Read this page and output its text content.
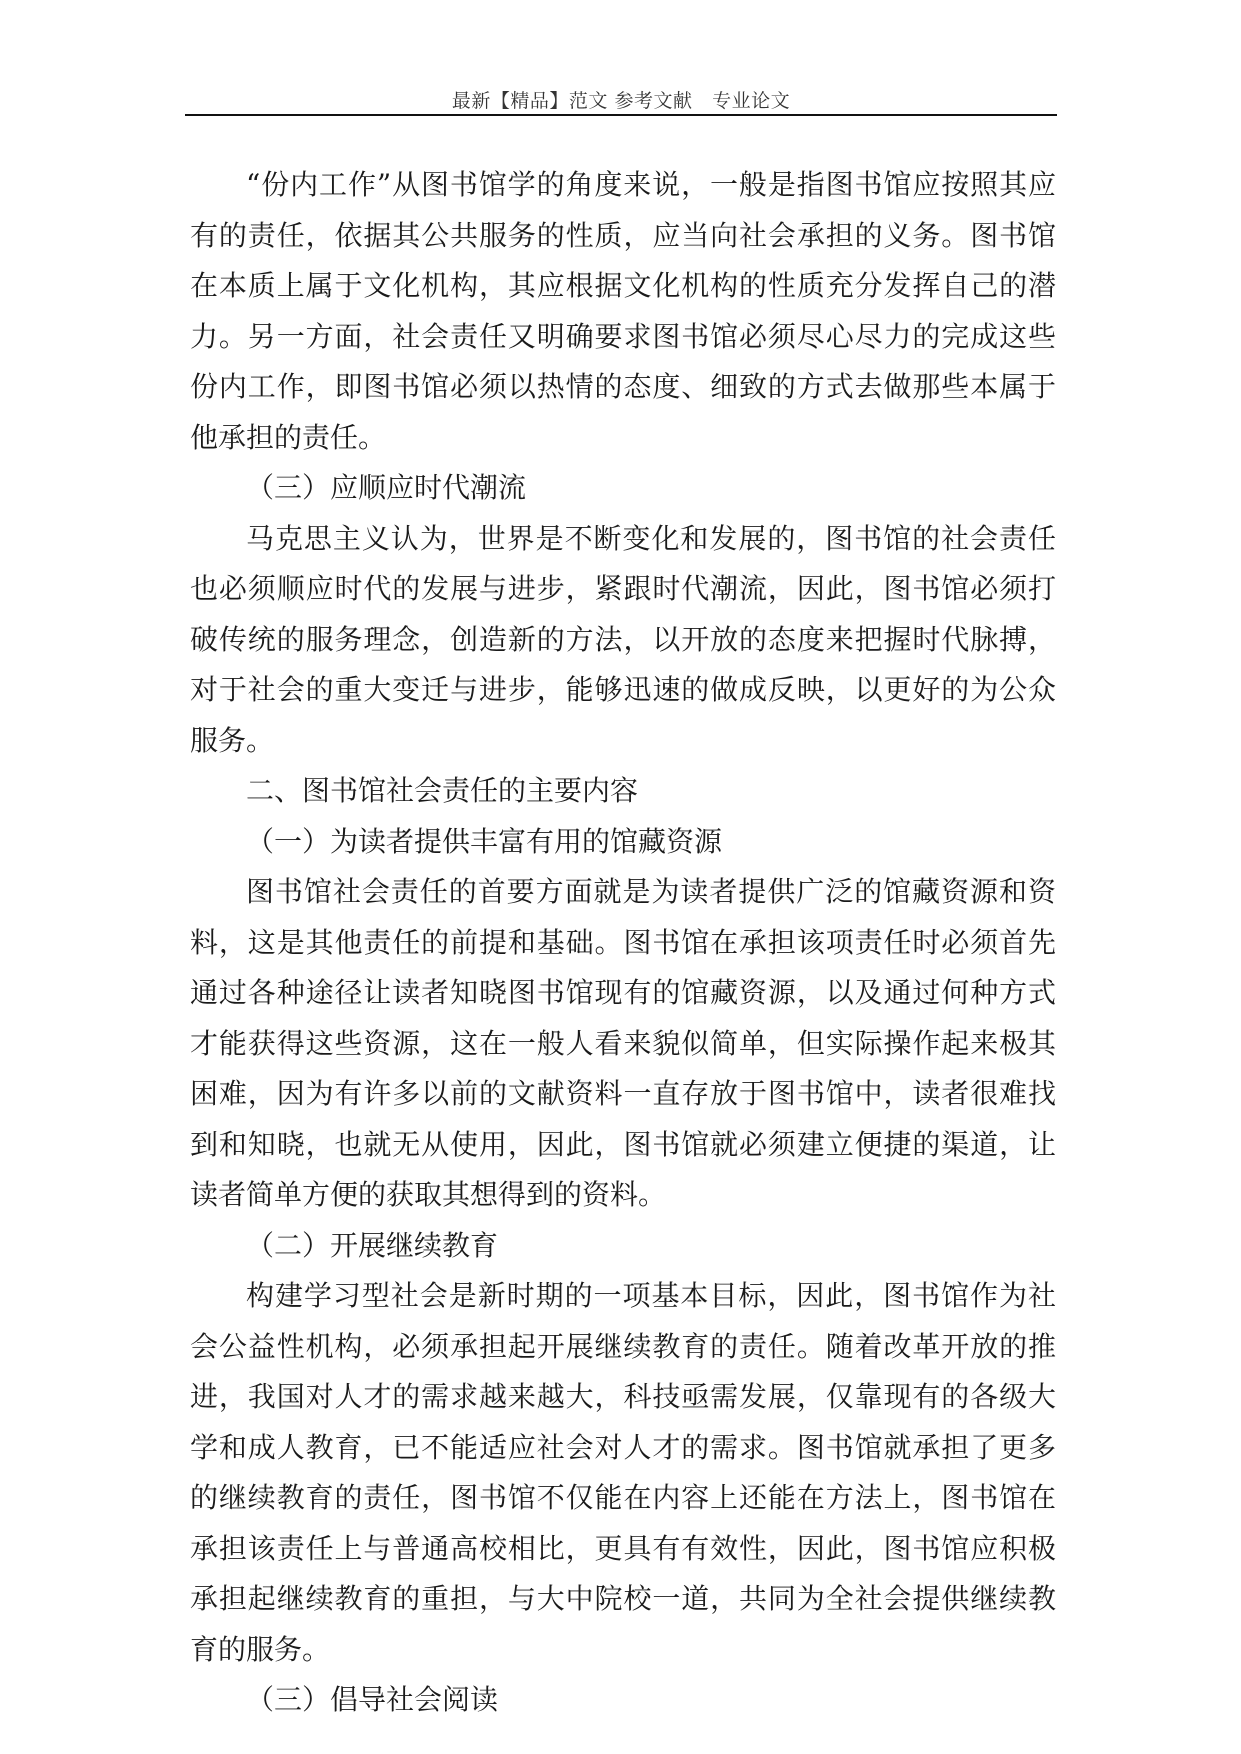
最新【精品】范文 参考文献   专业论文

“份内工作”从图书馆学的角度来说，一般是指图书馆应按照其应有的责任，依据其公共服务的性质，应当向社会承担的义务。图书馆在本质上属于文化机构，其应根据文化机构的性质充分发挥自己的潜力。另一方面，社会责任又明确要求图书馆必须尽心尽力的完成这些份内工作，即图书馆必须以热情的态度、细致的方式去做那些本属于他承担的责任。

（三）应顺应时代潮流

马克思主义认为，世界是不断变化和发展的，图书馆的社会责任也必须顺应时代的发展与进步，紧跟时代潮流，因此，图书馆必须打破传统的服务理念，创造新的方法，以开放的态度来把握时代脉搏，对于社会的重大变迁与进步，能够迅速的做成反映，以更好的为公众服务。

二、图书馆社会责任的主要内容

（一）为读者提供丰富有用的馆藏资源

图书馆社会责任的首要方面就是为读者提供广泛的馆藏资源和资料，这是其他责任的前提和基础。图书馆在承担该项责任时必须首先通过各种途径让读者知晓图书馆现有的馆藏资源，以及通过何种方式才能获得这些资源，这在一般人看来貌似简单，但实际操作起来极其困难，因为有许多以前的文献资料一直存放于图书馆中，读者很难找到和知晓，也就无从使用，因此，图书馆就必须建立便捷的渠道，让读者简单方便的获取其想得到的资料。

（二）开展继续教育

构建学习型社会是新时期的一项基本目标，因此，图书馆作为社会公益性机构，必须承担起开展继续教育的责任。随着改革开放的推进，我国对人才的需求越来越大，科技亟需发展，仅靠现有的各级大学和成人教育，已不能适应社会对人才的需求。图书馆就承担了更多的继续教育的责任，图书馆不仅能在内容上还能在方法上，图书馆在承担该责任上与普通高校相比，更具有有效性，因此，图书馆应积极承担起继续教育的重担，与大中院校一道，共同为全社会提供继续教育的服务。

（三）倡导社会阅读
